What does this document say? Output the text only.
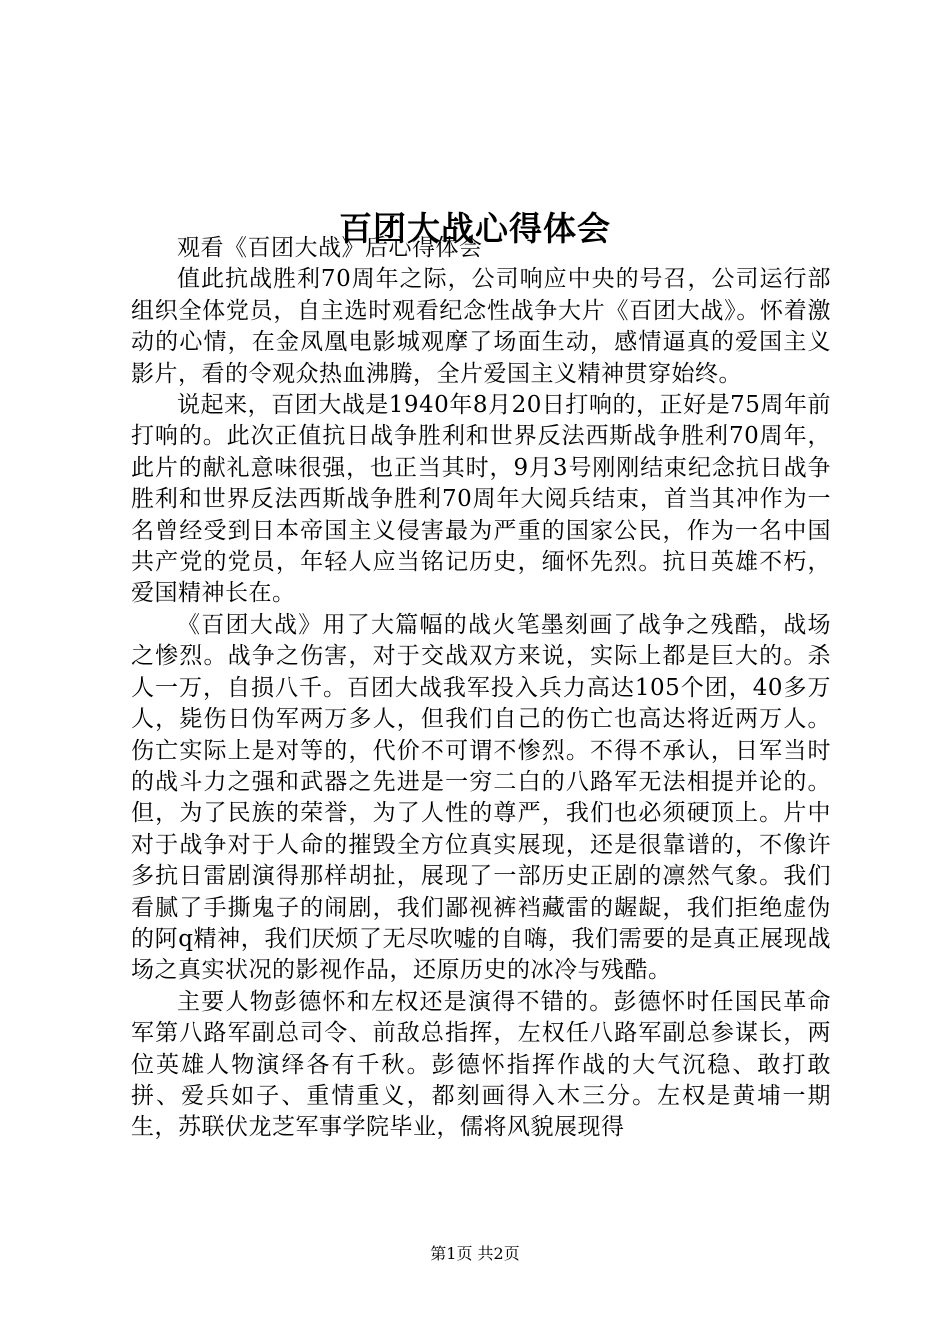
百团大战心得体会

观看《百团大战》后心得体会

值此抗战胜利70周年之际，公司响应中央的号召，公司运行部组织全体党员，自主选时观看纪念性战争大片《百团大战》。怀着激动的心情，在金凤凰电影城观摩了场面生动，感情逼真的爱国主义影片，看的令观众热血沸腾，全片爱国主义精神贯穿始终。

说起来，百团大战是1940年8月20日打响的，正好是75周年前打响的。此次正值抗日战争胜利和世界反法西斯战争胜利70周年，此片的献礼意味很强，也正当其时，9月3号刚刚结束纪念抗日战争胜利和世界反法西斯战争胜利70周年大阅兵结束，首当其冲作为一名曾经受到日本帝国主义侵害最为严重的国家公民，作为一名中国共产党的党员，年轻人应当铭记历史，缅怀先烈。抗日英雄不朽，爱国精神长在。

《百团大战》用了大篇幅的战火笔墨刻画了战争之残酷，战场之惨烈。战争之伤害，对于交战双方来说，实际上都是巨大的。杀人一万，自损八千。百团大战我军投入兵力高达105个团，40多万人，毙伤日伪军两万多人，但我们自己的伤亡也高达将近两万人。伤亡实际上是对等的，代价不可谓不惨烈。不得不承认，日军当时的战斗力之强和武器之先进是一穷二白的八路军无法相提并论的。但，为了民族的荣誉，为了人性的尊严，我们也必须硬顶上。片中对于战争对于人命的摧毁全方位真实展现，还是很靠谱的，不像许多抗日雷剧演得那样胡扯，展现了一部历史正剧的凛然气象。我们看腻了手撕鬼子的闹剧，我们鄙视裤裆藏雷的龌龊，我们拒绝虚伪的阿q精神，我们厌烦了无尽吹嘘的自嗨，我们需要的是真正展现战场之真实状况的影视作品，还原历史的冰冷与残酷。

主要人物彭德怀和左权还是演得不错的。彭德怀时任国民革命军第八路军副总司令、前敌总指挥，左权任八路军副总参谋长，两位英雄人物演绎各有千秋。彭德怀指挥作战的大气沉稳、敢打敢拼、爱兵如子、重情重义，都刻画得入木三分。左权是黄埔一期生，苏联伏龙芝军事学院毕业，儒将风貌展现得

第1页 共2页
